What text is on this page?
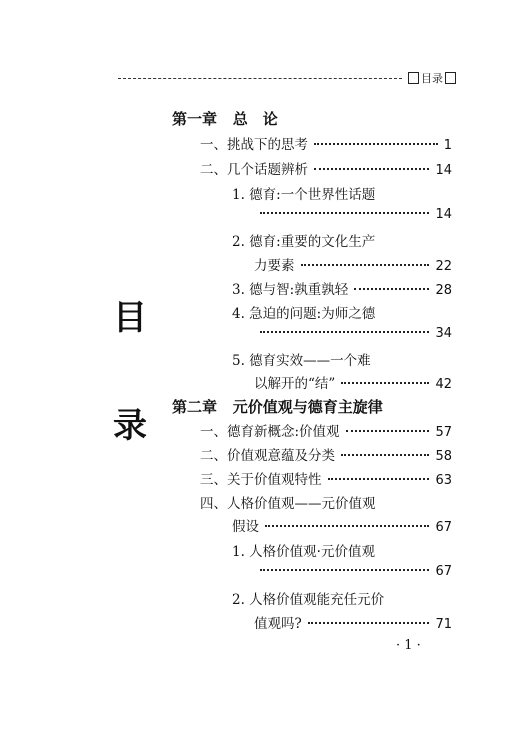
目录
目
录
第一章 总　论
一、挑战下的思考	1
二、几个话题辨析	14
1. 德育:一个世界性话题
14
2. 德育:重要的文化生产
力要素	22
3. 德与智:孰重孰轻	28
4. 急迫的问题:为师之德
34
5. 德育实效——一个难
以解开的“结”	42
第二章 元价值观与德育主旋律
一、德育新概念:价值观	57
二、价值观意蕴及分类	58
三、关于价值观特性	63
四、人格价值观——元价值观
假设	67
1. 人格价值观·元价值观
67
2. 人格价值观能充任元价
值观吗?	71
· 1 ·
